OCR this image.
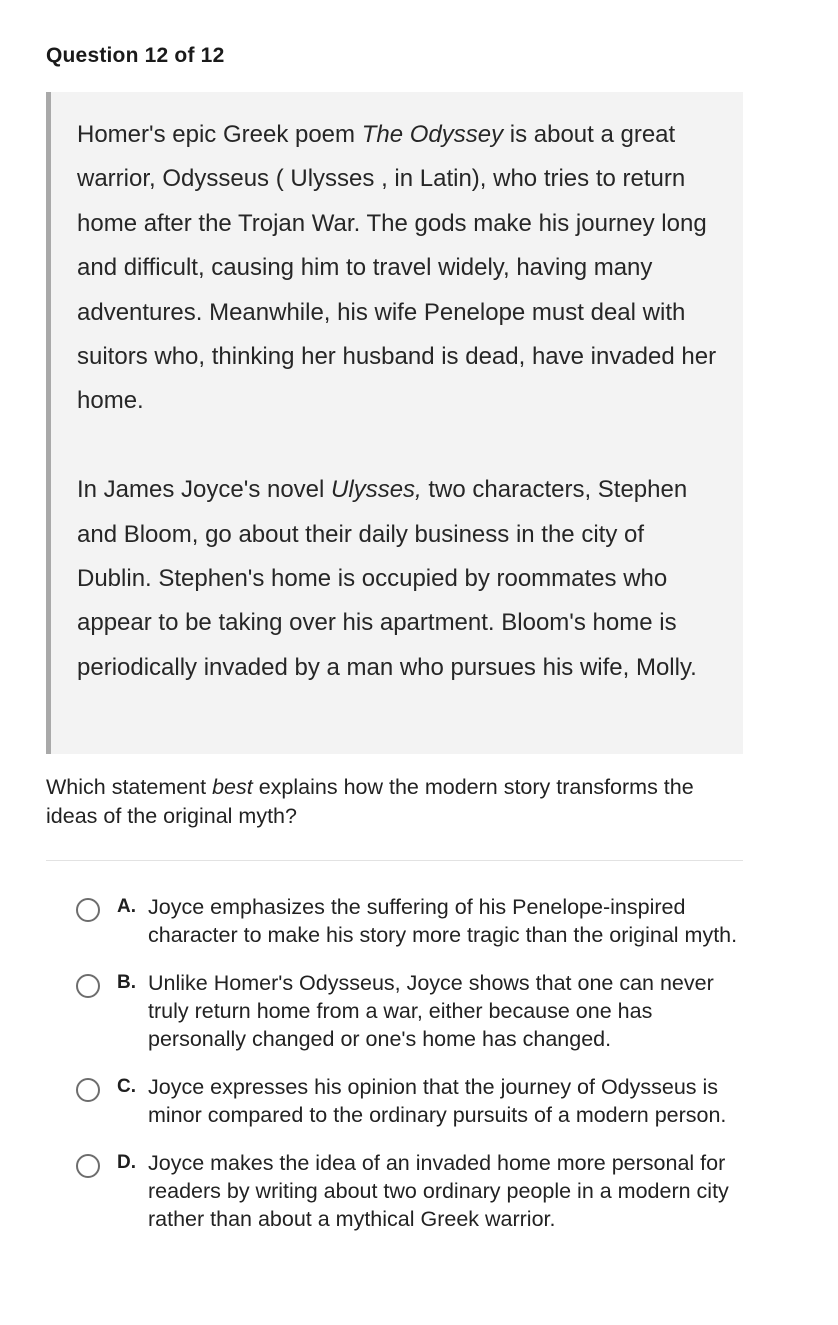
Question 12 of 12

Homer's epic Greek poem The Odyssey is about a great warrior, Odysseus ( Ulysses , in Latin), who tries to return home after the Trojan War. The gods make his journey long and difficult, causing him to travel widely, having many adventures. Meanwhile, his wife Penelope must deal with suitors who, thinking her husband is dead, have invaded her home.

In James Joyce's novel Ulysses, two characters, Stephen and Bloom, go about their daily business in the city of Dublin. Stephen's home is occupied by roommates who appear to be taking over his apartment. Bloom's home is periodically invaded by a man who pursues his wife, Molly.

Which statement best explains how the modern story transforms the ideas of the original myth?
A. Joyce emphasizes the suffering of his Penelope-inspired character to make his story more tragic than the original myth.
B. Unlike Homer's Odysseus, Joyce shows that one can never truly return home from a war, either because one has personally changed or one's home has changed.
C. Joyce expresses his opinion that the journey of Odysseus is minor compared to the ordinary pursuits of a modern person.
D. Joyce makes the idea of an invaded home more personal for readers by writing about two ordinary people in a modern city rather than about a mythical Greek warrior.
